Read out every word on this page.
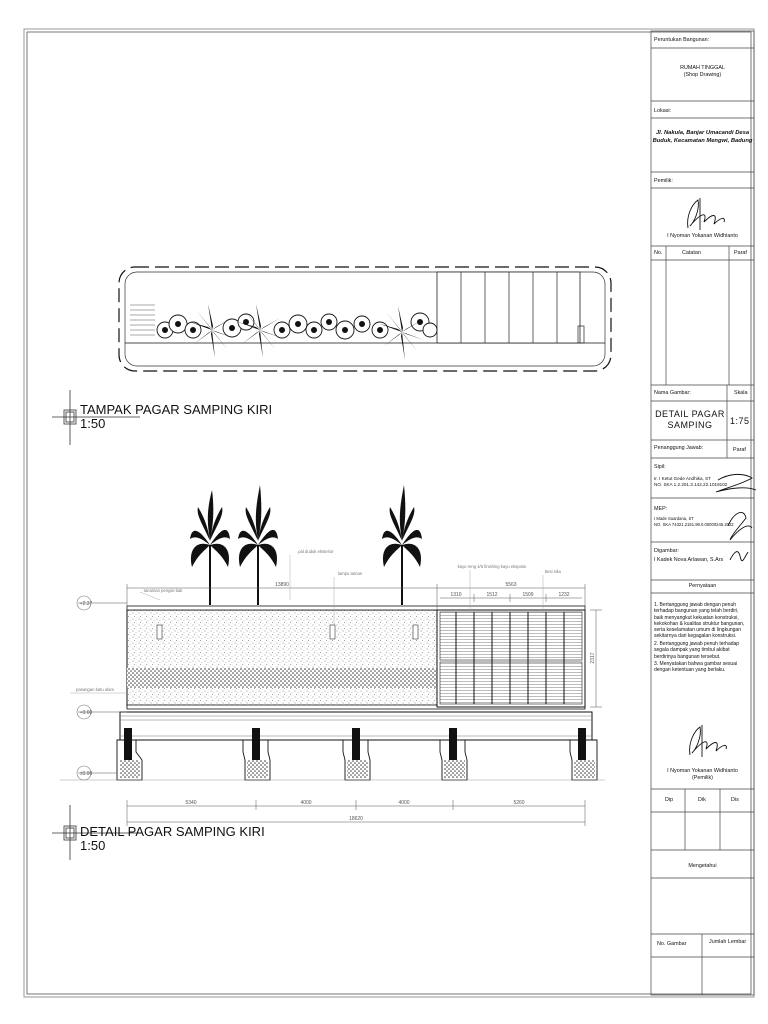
5340	4000	4000	5260
18620
13890	5563
1310	1512	1509	1232
2317
+2.37
+0.60
±0.00
tanaman pengisi bak
pal duduk eksterior
lampu taman
kayu reng 4/6 finishing kayu ekspose
besi siku
pasangan batu alam
TAMPAK PAGAR SAMPING KIRI
1:50
DETAIL PAGAR SAMPING KIRI
1:50
Peruntukan Bangunan:
RUMAH TINGGAL
(Shop Drawing)
Lokasi:
Jl. Nakula, Banjar Umacandi Desa
Buduk, Kecamatan Mengwi, Badung
Pemilik:
I Nyoman Yokanan Widhianto
No.	Catatan	Paraf
Nama Gambar:	Skala
DETAIL PAGAR
SAMPING	1:75
Penanggung Jawab:	Paraf
Sipil:
Ir. I Ketut Gede Andhika, ST
NO. SKA 1.2.201.3.142.22.1019102
MEP:
I Made Suardana, ST
NO. SKA 74321.2151.99.0.00000245.2022
Digambar:
I Kadek Nova Arlawan, S.Ars
Pernyataan
1. Bertanggung jawab dengan penuh
terhadap bangunan yang telah berdiri,
baik menyangkut kekuatan konstruksi,
kekokohan & kualitas struktur bangunan,
serta keselamatan umum di lingkungan
sekitarnya dari kegagalan konstruksi.
2. Bertanggung jawab penuh terhadap
segala dampak yang timbul akibat
berdirinya bangunan tersebut.
3. Menyatakan bahwa gambar sesuai
dengan ketentuan yang berlaku.
I Nyoman Yokanan Widhianto
(Pemilik)
Dip	Dik	Dis
Mengetahui
No. Gambar	Jumlah Lembar
